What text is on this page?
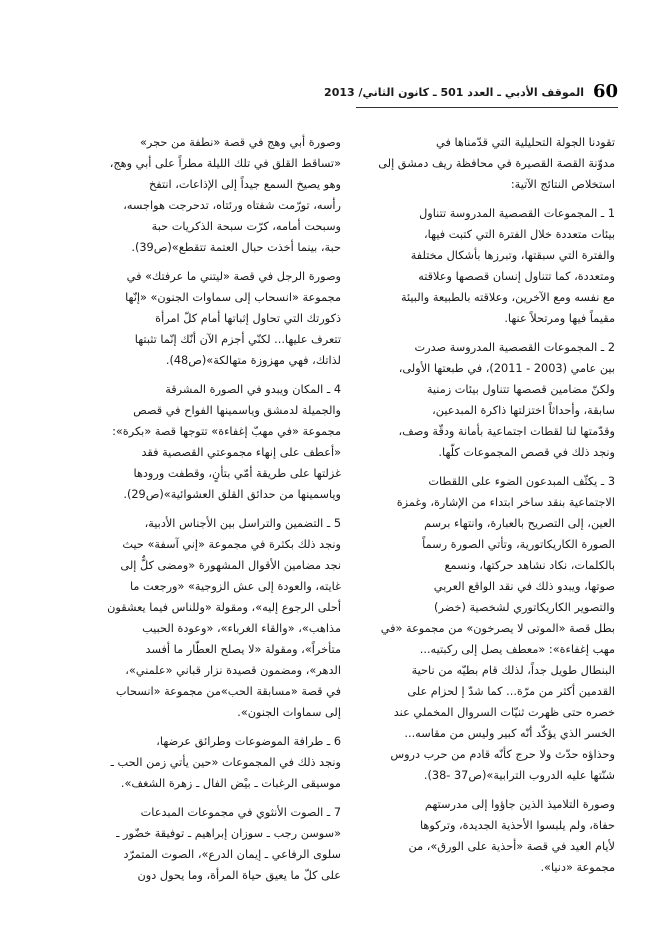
60
الموقف الأدبي ـ العدد 501 ـ كانون الثاني/ 2013

تقودنا الجولة التحليلية التي قدّمناها في
مدوّنة القصة القصيرة في محافظة ريف دمشق إلى
استخلاص النتائج الآتية:

1 ـ المجموعات القصصية المدروسة تتناول
بيئات متعددة خلال الفترة التي كتبت فيها،
والفترة التي سبقتها، وتبرزها بأشكال مختلفة
ومتعددة، كما تتناول إنسان قصصها وعلاقته
مع نفسه ومع الآخرين، وعلاقته بالطبيعة والبيئة
مقيماً فيها ومرتحلاً عنها.

2 ـ المجموعات القصصية المدروسة صدرت
بين عامي (2003 - 2011)، في طبعتها الأولى،
ولكنّ مضامين قصصها تتناول بيئات زمنية
سابقة، وأحداثاً اختزلتها ذاكرة المبدعين،
وقدّمتها لنا لقطات اجتماعية بأمانة ودقّة وصف،
ونجد ذلك في قصص المجموعات كلّها.

3 ـ يكثّف المبدعون الضوء على اللقطات
الاجتماعية بنقد ساخر ابتداء من الإشارة، وغمزة
العين، إلى التصريح بالعبارة، وانتهاء برسم
الصورة الكاريكاتورية، وتأتي الصورة رسماً
بالكلمات، نكاد نشاهد حركتها، ونسمع
صوتها، ويبدو ذلك في نقد الواقع العربي
والتصوير الكاريكاتوري لشخصية (خضر)
بطل قصة «الموتى لا يصرخون» من مجموعة «في
مهب إغفاءة»: «معطف يصل إلى ركبتيه...
البنطال طويل جداً، لذلك قام بطيّه من ناحية
القدمين أكثر من مرّة... كما شدّ إ لحزام على
خصره حتى ظهرت ثنيّات السروال المخملي عند
الخسر الذي يؤكّد أنّه كبير وليس من مقاسه...
وحذاؤه حدّث ولا حرج كأنّه قادم من حرب دروس
شنّتها عليه الدروب الترابية»(ص37 -38).

وصورة التلاميذ الذين جاؤوا إلى مدرستهم
حفاة، ولم يلبسوا الأحذية الجديدة، وتركوها
لأيام العيد في قصة «أحذية على الورق»، من
مجموعة «دنيا».

وصورة أبي وهج في قصة «نطفة من حجر»
«تساقط القلق في تلك الليلة مطراً على أبي وهج،
وهو يصيخ السمع جيداً إلى الإذاعات، انتفخ
رأسه، تورّمت شفتاه ورئتاه، تدحرجت هواجسه،
وسبحت أمامه، كرّت سبحة الذكريات حبة
حبة، بينما أخذت حبال العتمة تتقطع»(ص39).

وصورة الرجل في قصة «ليتني ما عرفتك» في
مجموعة «انسحاب إلى سماوات الجنون» «إنّها
ذكورتك التي تحاول إثباتها أمام كلّ امرأة
تتعرف عليها... لكنّي أجزم الآن أنّك إنّما تثبتها
لذاتك، فهي مهزوزة متهالكة»(ص48).

4 ـ المكان ويبدو في الصورة المشرقة
والجميلة لدمشق وياسمينها الفواح في قصص
مجموعة «في مهبّ إغفاءة» تتوجها قصة «بكرة»:
«أعطف على إنهاء مجموعتي القصصية فقد
غزلتها على طريقة أمّي بتأنٍ، وقطفت ورودها
وياسمينها من حدائق القلق العشوائية»(ص29).

5 ـ التضمين والتراسل بين الأجناس الأدبية،
ونجد ذلك بكثرة في مجموعة «إني آسفة» حيث
نجد مضامين الأقوال المشهورة «ومضى كلٌّ إلى
غايته، والعودة إلى عش الزوجية» «ورجعت ما
أحلى الرجوع إليه»، ومقولة «وللناس فيما يعشقون
مذاهب»، «والقاء الغرباء»، «وعودة الحبيب
متأخراً»، ومقولة «لا يصلح العطّار ما أفسد
الدهر»، ومضمون قصيدة نزار قباني «علمني»،
في قصة «مسابقة الحب»من مجموعة «انسحاب
إلى سماوات الجنون».

6 ـ طرافة الموضوعات وطرائق عرضها،
ونجد ذلك في المجموعات «حين يأتي زمن الحب ـ
موسيقى الرغبات ـ بيْض الفال ـ زهرة الشغف».

7 ـ الصوت الأنثوي في مجموعات المبدعات
«سوسن رجب ـ سوزان إبراهيم ـ توفيقة خضّور ـ
سلوى الرفاعي ـ إيمان الدرع»، الصوت المتمرّد
على كلّ ما يعيق حياة المرأة، وما يحول دون
